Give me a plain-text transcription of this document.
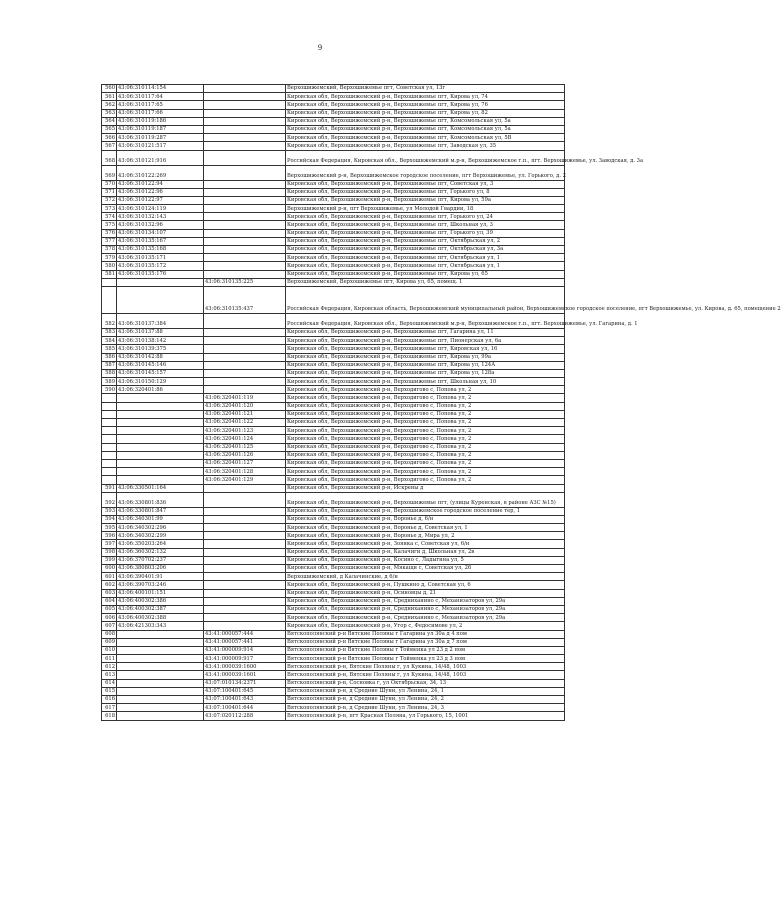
9
560	43:06:310114:154		Верхошижемский, Верхошижемье пгт, Советская ул, 13г
561	43:06:310117:64		Кировская обл, Верхошижемский р-н, Верхошижемье пгт, Кирова ул, 74
562	43:06:310117:65		Кировская обл, Верхошижемский р-н, Верхошижемье пгт, Кирова ул, 76
563	43:06:310117:66		Кировская обл, Верхошижемский р-н, Верхошижемье пгт, Кирова ул, 82
564	43:06:310119:186		Кировская обл, Верхошижемский р-н, Верхошижемье пгт, Комсомольская ул, 5а
565	43:06:310119:187		Кировская обл, Верхошижемский р-н, Верхошижемье пгт, Комсомольская ул, 5а
566	43:06:310119:287		Кировская обл, Верхошижемский р-н, Верхошижемье пгт, Комсомольская ул, 5В
567	43:06:310121:517		Кировская обл, Верхошижемский р-н, Верхошижемье пгт, Заводская ул, 35
568	43:06:310121:916		Российская Федерация, Кировская обл., Верхошижемский м.р-н, Верхошижемское г.п., пгт. Верхошижемье, ул. Заводская, д. 3а
569	43:06:310122:269		Верхошижемский р-н, Верхошижемское городское поселение, пгт Верхошижемье, ул. Горького, д. 2
570	43:06:310122:94		Кировская обл, Верхошижемский р-н, Верхошижемье пгт, Советская ул, 3
571	43:06:310122:96		Кировская обл, Верхошижемский р-н, Верхошижемье пгт, Горького ул, 8
572	43:06:310122:97		Кировская обл, Верхошижемский р-н, Верхошижемье пгт, Кирова ул, 59а
573	43:06:310124:119		Верхошижемский р-н, пгт Верхошижемье, ул Молодой Гвардии, 18
574	43:06:310132:143		Кировская обл, Верхошижемский р-н, Верхошижемье пгт, Горького ул, 24
575	43:06:310132:96		Кировская обл, Верхошижемский р-н, Верхошижемье пгт, Школьная ул, 3
576	43:06:310134:107		Кировская обл, Верхошижемский р-н, Верхошижемье пгт, Горького ул, 39
577	43:06:310135:167		Кировская обл, Верхошижемский р-н, Верхошижемье пгт, Октябрьская ул, 2
578	43:06:310135:168		Кировская обл, Верхошижемский р-н, Верхошижемье пгт, Октябрьская ул, 3а
579	43:06:310135:171		Кировская обл, Верхошижемский р-н, Верхошижемье пгт, Октябрьская ул, 1
580	43:06:310135:172		Кировская обл, Верхошижемский р-н, Верхошижемье пгт, Октябрьская ул, 1
581	43:06:310135:176		Кировская обл, Верхошижемский р-н, Верхошижемье пгт, Кирова ул, 65
		43:06:310135:225	Верхошижемский, Верхошижемье пгт, Кирова ул, 65, помещ. 1
		43:06:310135:437	Российская Федерация, Кировская область, Верхошижемский муниципальный район, Верхошижемское городское поселение, пгт Верхошижемье, ул. Кирова, д. 65, помещение 2
582	43:06:310137:384		Российская Федерация, Кировская обл., Верхошижемский м.р-н, Верхошижемское г.п., пгт. Верхошижемье, ул. Гагарина, д. 1
583	43:06:310137:88		Кировская обл, Верхошижемский р-н, Верхошижемье пгт, Гагарина ул, 11
584	43:06:310138:142		Кировская обл, Верхошижемский р-н, Верхошижемье пгт, Пионерская ул, 6а
585	43:06:310139:375		Кировская обл, Верхошижемский р-н, Верхошижемье пгт, Кировская ул, 16
586	43:06:310142:88		Кировская обл, Верхошижемский р-н, Верхошижемье пгт, Кирова ул, 99а
587	43:06:310145:146		Кировская обл, Верхошижемский р-н, Верхошижемье пгт, Кирова ул, 124А
588	43:06:310145:157		Кировская обл, Верхошижемский р-н, Верхошижемье пгт, Кирова ул, 128а
589	43:06:310150:129		Кировская обл, Верхошижемский р-н, Верхошижемье пгт, Школьная ул, 10
590	43:06:320401:86		Кировская обл, Верхошижемский р-н, Верходигово с, Попова ул, 2
		43:06:320401:119	Кировская обл, Верхошижемский р-н, Верходигово с, Попова ул, 2
		43:06:320401:120	Кировская обл, Верхошижемский р-н, Верходигово с, Попова ул, 2
		43:06:320401:121	Кировская обл, Верхошижемский р-н, Верходигово с, Попова ул, 2
		43:06:320401:122	Кировская обл, Верхошижемский р-н, Верходигово с, Попова ул, 2
		43:06:320401:123	Кировская обл, Верхошижемский р-н, Верходигово с, Попова ул, 2
		43:06:320401:124	Кировская обл, Верхошижемский р-н, Верходигово с, Попова ул, 2
		43:06:320401:125	Кировская обл, Верхошижемский р-н, Верходигово с, Попова ул, 2
		43:06:320401:126	Кировская обл, Верхошижемский р-н, Верходигово с, Попова ул, 2
		43:06:320401:127	Кировская обл, Верхошижемский р-н, Верходигово с, Попова ул, 2
		43:06:320401:128	Кировская обл, Верхошижемский р-н, Верходигово с, Попова ул, 2
		43:06:320401:129	Кировская обл, Верхошижемский р-н, Верходигово с, Попова ул, 2
591	43:06:330501:164		Кировская обл, Верхошижемский р-н, Искрены д
592	43:06:330801:836		Кировская обл, Верхошижемский р-н, Верхошижемье пгт, (улицы Куренская, в районе АЗС №15)
593	43:06:330801:847		Кировская обл, Верхошижемский р-н, Верхошижемское городское поселение тер, 1
594	43:06:340301:99		Кировская обл, Верхошижемский р-н, Воронье д, 6/н
595	43:06:340302:296		Кировская обл, Верхошижемский р-н, Воронье д, Советская ул, 1
596	43:06:340302:299		Кировская обл, Верхошижемский р-н, Воронье д, Мира ул, 2
597	43:06:350203:264		Кировская обл, Верхошижемский р-н, Зоянка с, Советская ул, 6/н
598	43:06:360302:132		Кировская обл, Верхошижемский р-н, Калачиги д, Школьная ул, 2в
599	43:06:370702:237		Кировская обл, Верхошижемский р-н, Косино с, Ладыгина ул, 5
600	43:06:380803:206		Кировская обл, Верхошижемский р-н, Мякащи с, Советская ул, 26
601	43:06:390401:91		Верхошижемский, д Калачинские, д 6/н
602	43:06:390703:246		Кировская обл, Верхошижемский р-н, Пушкино д, Советская ул, 6
603	43:06:400101:151		Кировская обл, Верхошижемский р-н, Осиновцы д, 21
604	43:06:400302:386		Кировская обл, Верхошижемский р-н, Средниханино с, Механизаторов ул, 29а
605	43:06:400302:387		Кировская обл, Верхошижемский р-н, Средниханино с, Механизаторов ул, 29а
606	43:06:400302:388		Кировская обл, Верхошижемский р-н, Средниханино с, Механизаторов ул, 29а
607	43:06:421303:343		Кировская обл, Верхошижемский р-н, Угор с, Федосимове ул, 2
608		43:41:000057:444	Вятскополянский р-н Вятские Поляны г Гагарина ул 30а д 4 пом
609		43:41:000057:441	Вятскополянский р-н Вятские Поляны г Гагарина ул 30а д 7 пом
610		43:41:000009:914	Вятскополянский р-н Вятские Поляны г Тойменка ул 23 д 2 пом
611		43:41:000009:917	Вятскополянский р-н Вятские Поляны г Тойменка ул 23 д 3 пом
612		43:41:000039:1600	Вятскополянский р-н, Вятские Поляны г, ул Кукина, 14/48, 1003
613		43:41:000039:1601	Вятскополянский р-н, Вятские Поляны г, ул Кукина, 14/48, 1003
614		43:07:010134:2371	Вятскополянский р-н, Сосновка г, ул Октябрьская, 34, 13
615		43:07:100401:645	Вятскополянский р-н, д Средние Шуни, ул Ленина, 24, 1
616		43:07:100401:643	Вятскополянский р-н, д Средние Шуни, ул Ленина, 24, 2
617		43:07:100401:644	Вятскополянский р-н, д Средние Шуни, ул Ленина, 24, 3
618		43:07:020112:288	Вятскополянский р-н, пгт Красная Поляна, ул Горького, 15, 1001
